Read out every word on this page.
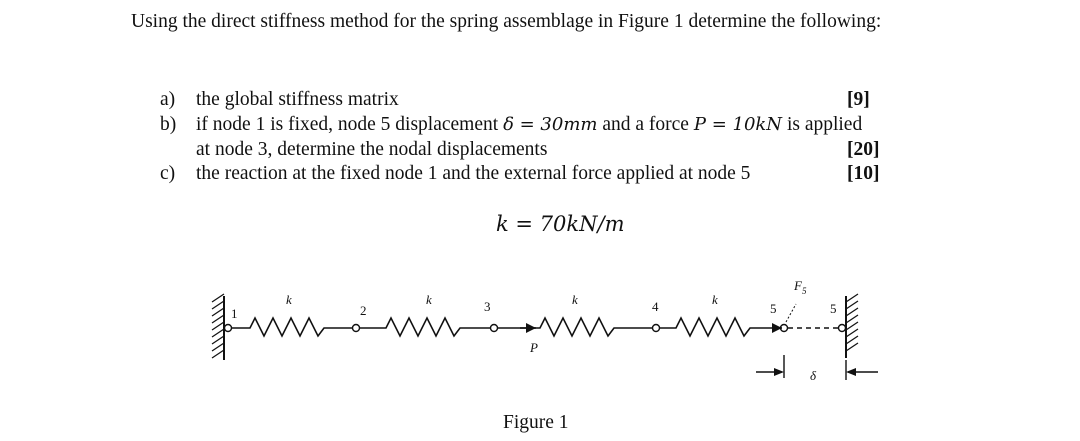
Using the direct stiffness method for the spring assemblage in Figure 1 determine the following:
a) the global stiffness matrix	[9]
b) if node 1 is fixed, node 5 displacement δ = 30mm and a force P = 10kN is applied
at node 3, determine the nodal displacements	[20]
c) the reaction at the fixed node 1 and the external force applied at node 5	[10]
k = 70kN/m
1	2	3	4	5	5
k	k	k	k
P
$F_5$
δ
Figure 1
